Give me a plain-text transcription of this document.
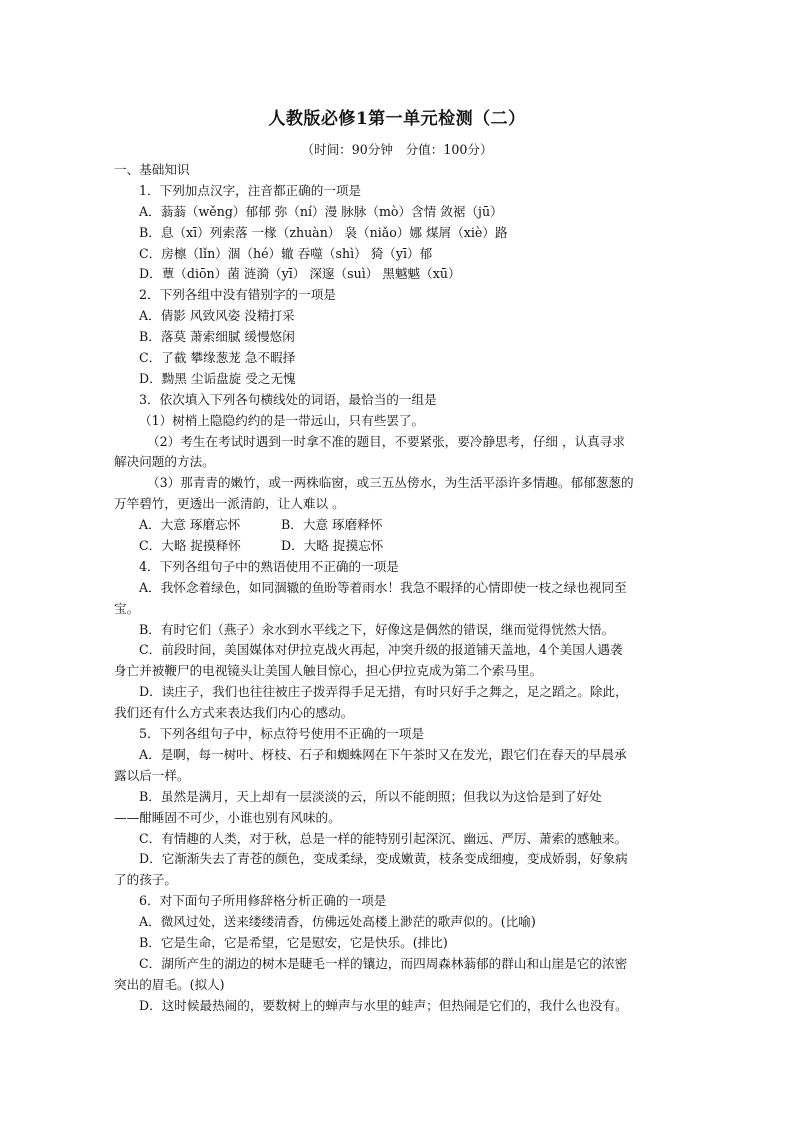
人教版必修1第一单元检测（二）
（时间：90分钟　分值：100分）
一、基础知识
1．下列加点汉字，注音都正确的一项是
A．蓊蓊（wěng）郁郁 弥（ní）漫 脉脉（mò）含情 敛裾（jū）
B．息（xī）列索落 一椽（zhuàn） 袅（niǎo）娜 煤屑（xiè）路
C．房檩（lǐn）涸（hé）辙 吞噬（shì） 猗（yī）郁
D．蕈（diōn）菌 涟漪（yī） 深邃（suì） 黑魆魆（xū）
2．下列各组中没有错别字的一项是
A．倩影 风致风姿 没精打采
B．落莫 萧索细腻 缓慢悠闲
C．了截 攀缘葱茏 急不暇择
D．黝黑 尘诟盘旋 受之无愧
3．依次填入下列各句横线处的词语，最恰当的一组是
（1）树梢上隐隐约约的是一带远山，只有些罢了。
（2）考生在考试时遇到一时拿不准的题目，不要紧张，要冷静思考，仔细 ，认真寻求
解决问题的方法。
（3）那青青的嫩竹，或一两株临窗，或三五丛傍水，为生活平添许多情趣。郁郁葱葱的
万竿碧竹，更透出一派清韵，让人难以 。
A．大意 琢磨忘怀	B．大意 琢磨释怀
C．大略 捉摸释怀	D．大略 捉摸忘怀
4．下列各组句子中的熟语使用不正确的一项是
A．我怀念着绿色，如同涸辙的鱼盼等着雨水！我急不暇择的心情即使一枝之绿也视同至
宝。
B．有时它们（燕子）汆水到水平线之下，好像这是偶然的错误，继而觉得恍然大悟。
C．前段时间，美国媒体对伊拉克战火再起，冲突升级的报道铺天盖地，4个美国人遇袭
身亡并被鞭尸的电视镜头让美国人触目惊心，担心伊拉克成为第二个索马里。
D．读庄子，我们也往往被庄子拨弄得手足无措，有时只好手之舞之，足之蹈之。除此，
我们还有什么方式来表达我们内心的感动。
5．下列各组句子中，标点符号使用不正确的一项是
A．是啊，每一树叶、枒枝、石子和蜘蛛网在下午茶时又在发光，跟它们在春天的早晨承
露以后一样。
B．虽然是满月，天上却有一层淡淡的云，所以不能朗照；但我以为这恰是到了好处
——酣睡固不可少，小谁也别有风味的。
C．有情趣的人类，对于秋，总是一样的能特别引起深沉、幽远、严厉、萧索的感触来。
D．它渐渐失去了青苍的颜色，变成柔绿，变成嫩黄，枝条变成细瘦，变成娇弱，好象病
了的孩子。
6．对下面句子所用修辞格分析正确的一项是
A．微风过处，送来缕缕清香，仿佛远处高楼上渺茫的歌声似的。(比喻)
B．它是生命，它是希望，它是慰安，它是快乐。(排比)
C．湖所产生的湖边的树木是睫毛一样的镶边，而四周森林蓊郁的群山和山崖是它的浓密
突出的眉毛。(拟人)
D．这时候最热闹的，要数树上的蝉声与水里的蛙声；但热闹是它们的，我什么也没有。
